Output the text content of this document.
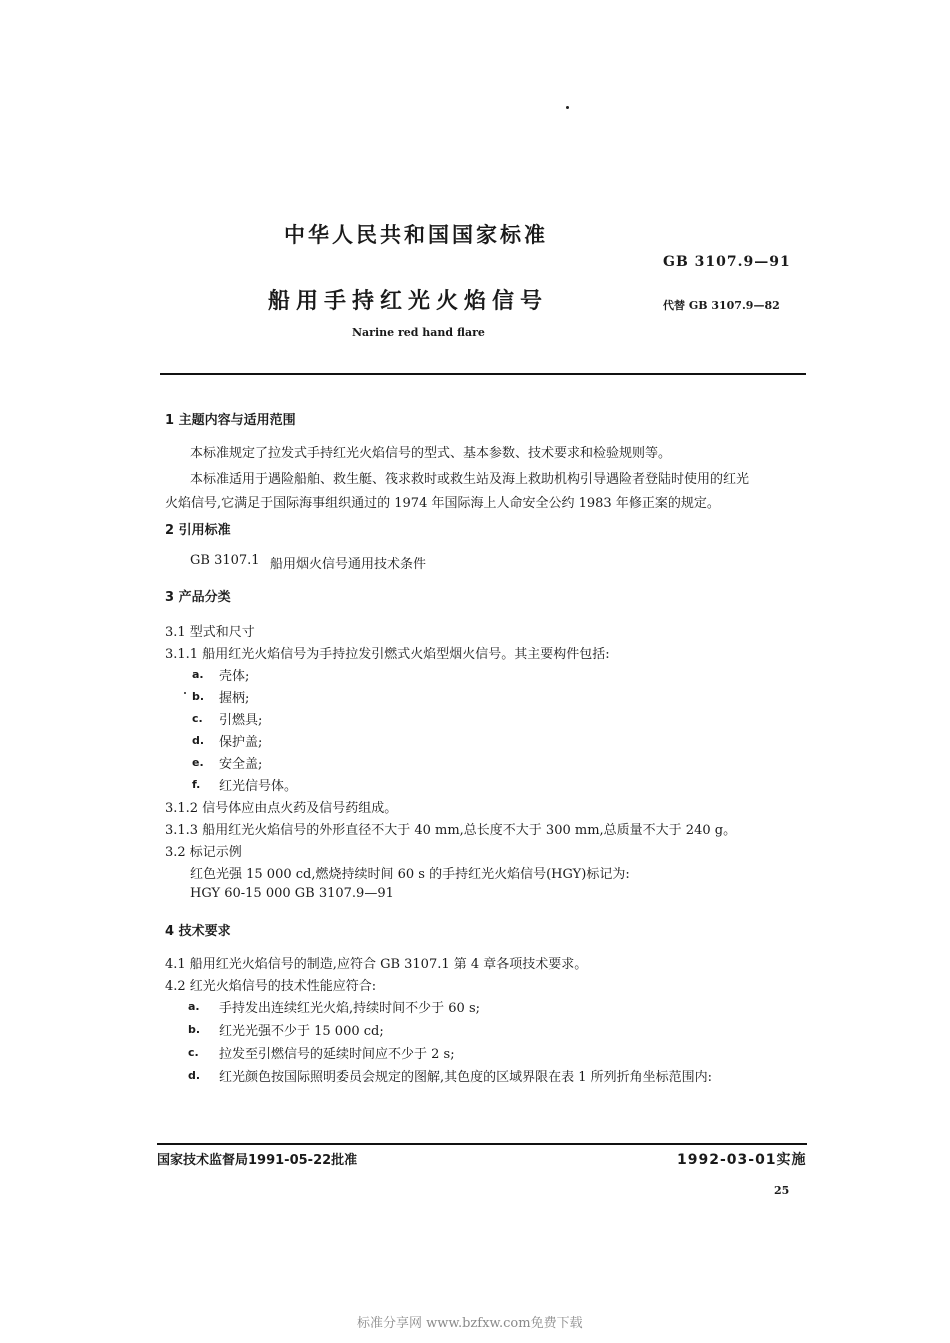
中华人民共和国国家标准
GB 3107.9—91
船用手持红光火焰信号	代替 GB 3107.9—82
Narine red hand flare
1 主题内容与适用范围
本标准规定了拉发式手持红光火焰信号的型式、基本参数、技术要求和检验规则等。
本标准适用于遇险船舶、救生艇、筏求救时或救生站及海上救助机构引导遇险者登陆时使用的红光
火焰信号,它满足于国际海事组织通过的 1974 年国际海上人命安全公约 1983 年修正案的规定。
2 引用标准
GB 3107.1 船用烟火信号通用技术条件
3 产品分类
3.1 型式和尺寸
3.1.1 船用红光火焰信号为手持拉发引燃式火焰型烟火信号。其主要构件包括:
a. 壳体;
b. 握柄;
c. 引燃具;
d. 保护盖;
e. 安全盖;
f. 红光信号体。
3.1.2 信号体应由点火药及信号药组成。
3.1.3 船用红光火焰信号的外形直径不大于 40 mm,总长度不大于 300 mm,总质量不大于 240 g。
3.2 标记示例
红色光强 15 000 cd,燃烧持续时间 60 s 的手持红光火焰信号(HGY)标记为:
HGY 60-15 000 GB 3107.9—91
4 技术要求
4.1 船用红光火焰信号的制造,应符合 GB 3107.1 第 4 章各项技术要求。
4.2 红光火焰信号的技术性能应符合:
a. 手持发出连续红光火焰,持续时间不少于 60 s;
b. 红光光强不少于 15 000 cd;
c. 拉发至引燃信号的延续时间应不少于 2 s;
d. 红光颜色按国际照明委员会规定的图解,其色度的区域界限在表 1 所列折角坐标范围内:
国家技术监督局1991-05-22批准	1992-03-01实施
25
标准分享网 www.bzfxw.com免费下载
